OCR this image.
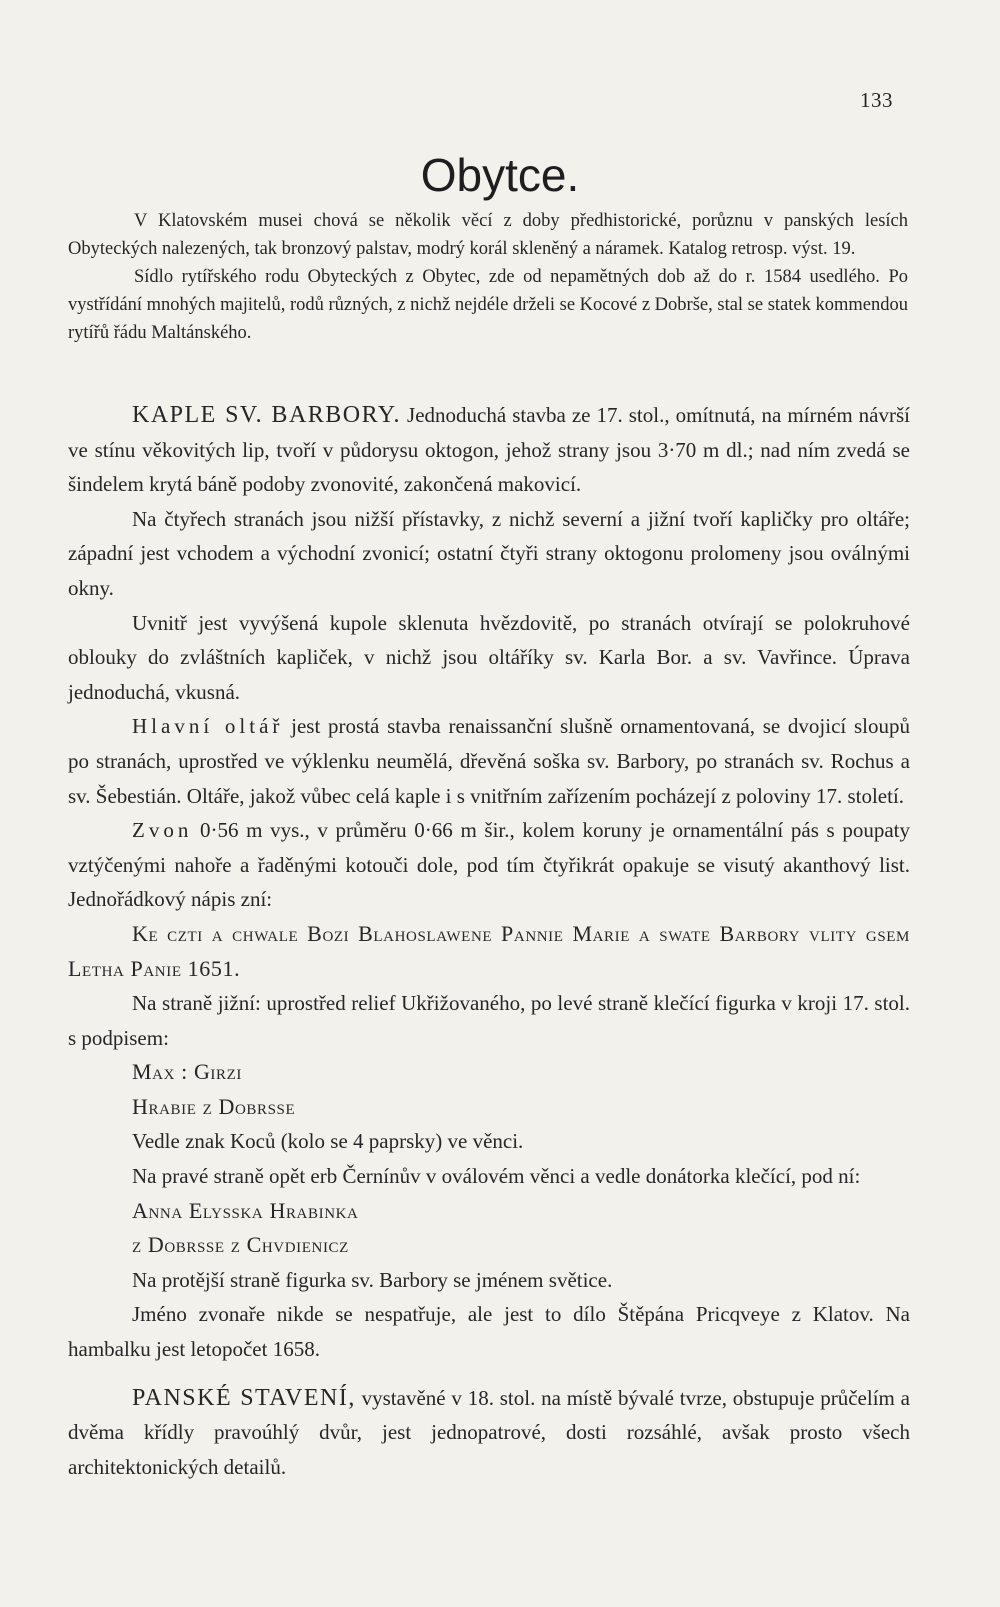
133
Obytce.

V Klatovském musei chová se několik věcí z doby předhistorické, porůznu v panských lesích Obyteckých nalezených, tak bronzový palstav, modrý korál skleněný a náramek. Katalog retrosp. výst. 19.

Sídlo rytířského rodu Obyteckých z Obytec, zde od nepamětných dob až do r. 1584 usedlého. Po vystřídání mnohých majitelů, rodů různých, z nichž nejdéle drželi se Kocové z Dobrše, stal se statek kommendou rytířů řádu Maltánského.

KAPLE SV. BARBORY. Jednoduchá stavba ze 17. stol., omítnutá, na mírném návrší ve stínu věkovitých lip, tvoří v půdorysu oktogon, jehož strany jsou 3·70 m dl.; nad ním zvedá se šindelem krytá báně podoby zvonovité, zakončená makovicí.

Na čtyřech stranách jsou nižší přístavky, z nichž severní a jižní tvoří kapličky pro oltáře; západní jest vchodem a východní zvonicí; ostatní čtyři strany oktogonu prolomeny jsou oválnými okny.

Uvnitř jest vyvýšená kupole sklenuta hvězdovitě, po stranách otvírají se polokruhové oblouky do zvláštních kapliček, v nichž jsou oltáříky sv. Karla Bor. a sv. Vavřince. Úprava jednoduchá, vkusná.

Hlavní oltář jest prostá stavba renaissanční slušně ornamentovaná, se dvojicí sloupů po stranách, uprostřed ve výklenku neumělá, dřevěná soška sv. Barbory, po stranách sv. Rochus a sv. Šebestián. Oltáře, jakož vůbec celá kaple i s vnitřním zařízením pocházejí z poloviny 17. století.

Zvon 0·56 m vys., v průměru 0·66 m šir., kolem koruny je ornamentální pás s poupaty vztýčenými nahoře a řaděnými kotouči dole, pod tím čtyřikrát opakuje se visutý akanthový list. Jednořádkový nápis zní:

Ke czti a chwale Bozi Blahoslawene Pannie Marie a swate Barbory vlity gsem Letha Panie 1651.

Na straně jižní: uprostřed relief Ukřižovaného, po levé straně klečící figurka v kroji 17. stol. s podpisem:

Max : Girzi

Hrabie z Dobrsse

Vedle znak Koců (kolo se 4 paprsky) ve věnci.

Na pravé straně opět erb Černínův v oválovém věnci a vedle donátorka klečící, pod ní:

Anna Elysska Hrabinka

z Dobrsse z Chvdienicz

Na protější straně figurka sv. Barbory se jménem světice.

Jméno zvonaře nikde se nespatřuje, ale jest to dílo Štěpána Pricqveye z Klatov. Na hambalku jest letopočet 1658.

PANSKÉ STAVENÍ, vystavěné v 18. stol. na místě bývalé tvrze, obstupuje průčelím a dvěma křídly pravoúhlý dvůr, jest jednopatrové, dosti rozsáhlé, avšak prosto všech architektonických detailů.
